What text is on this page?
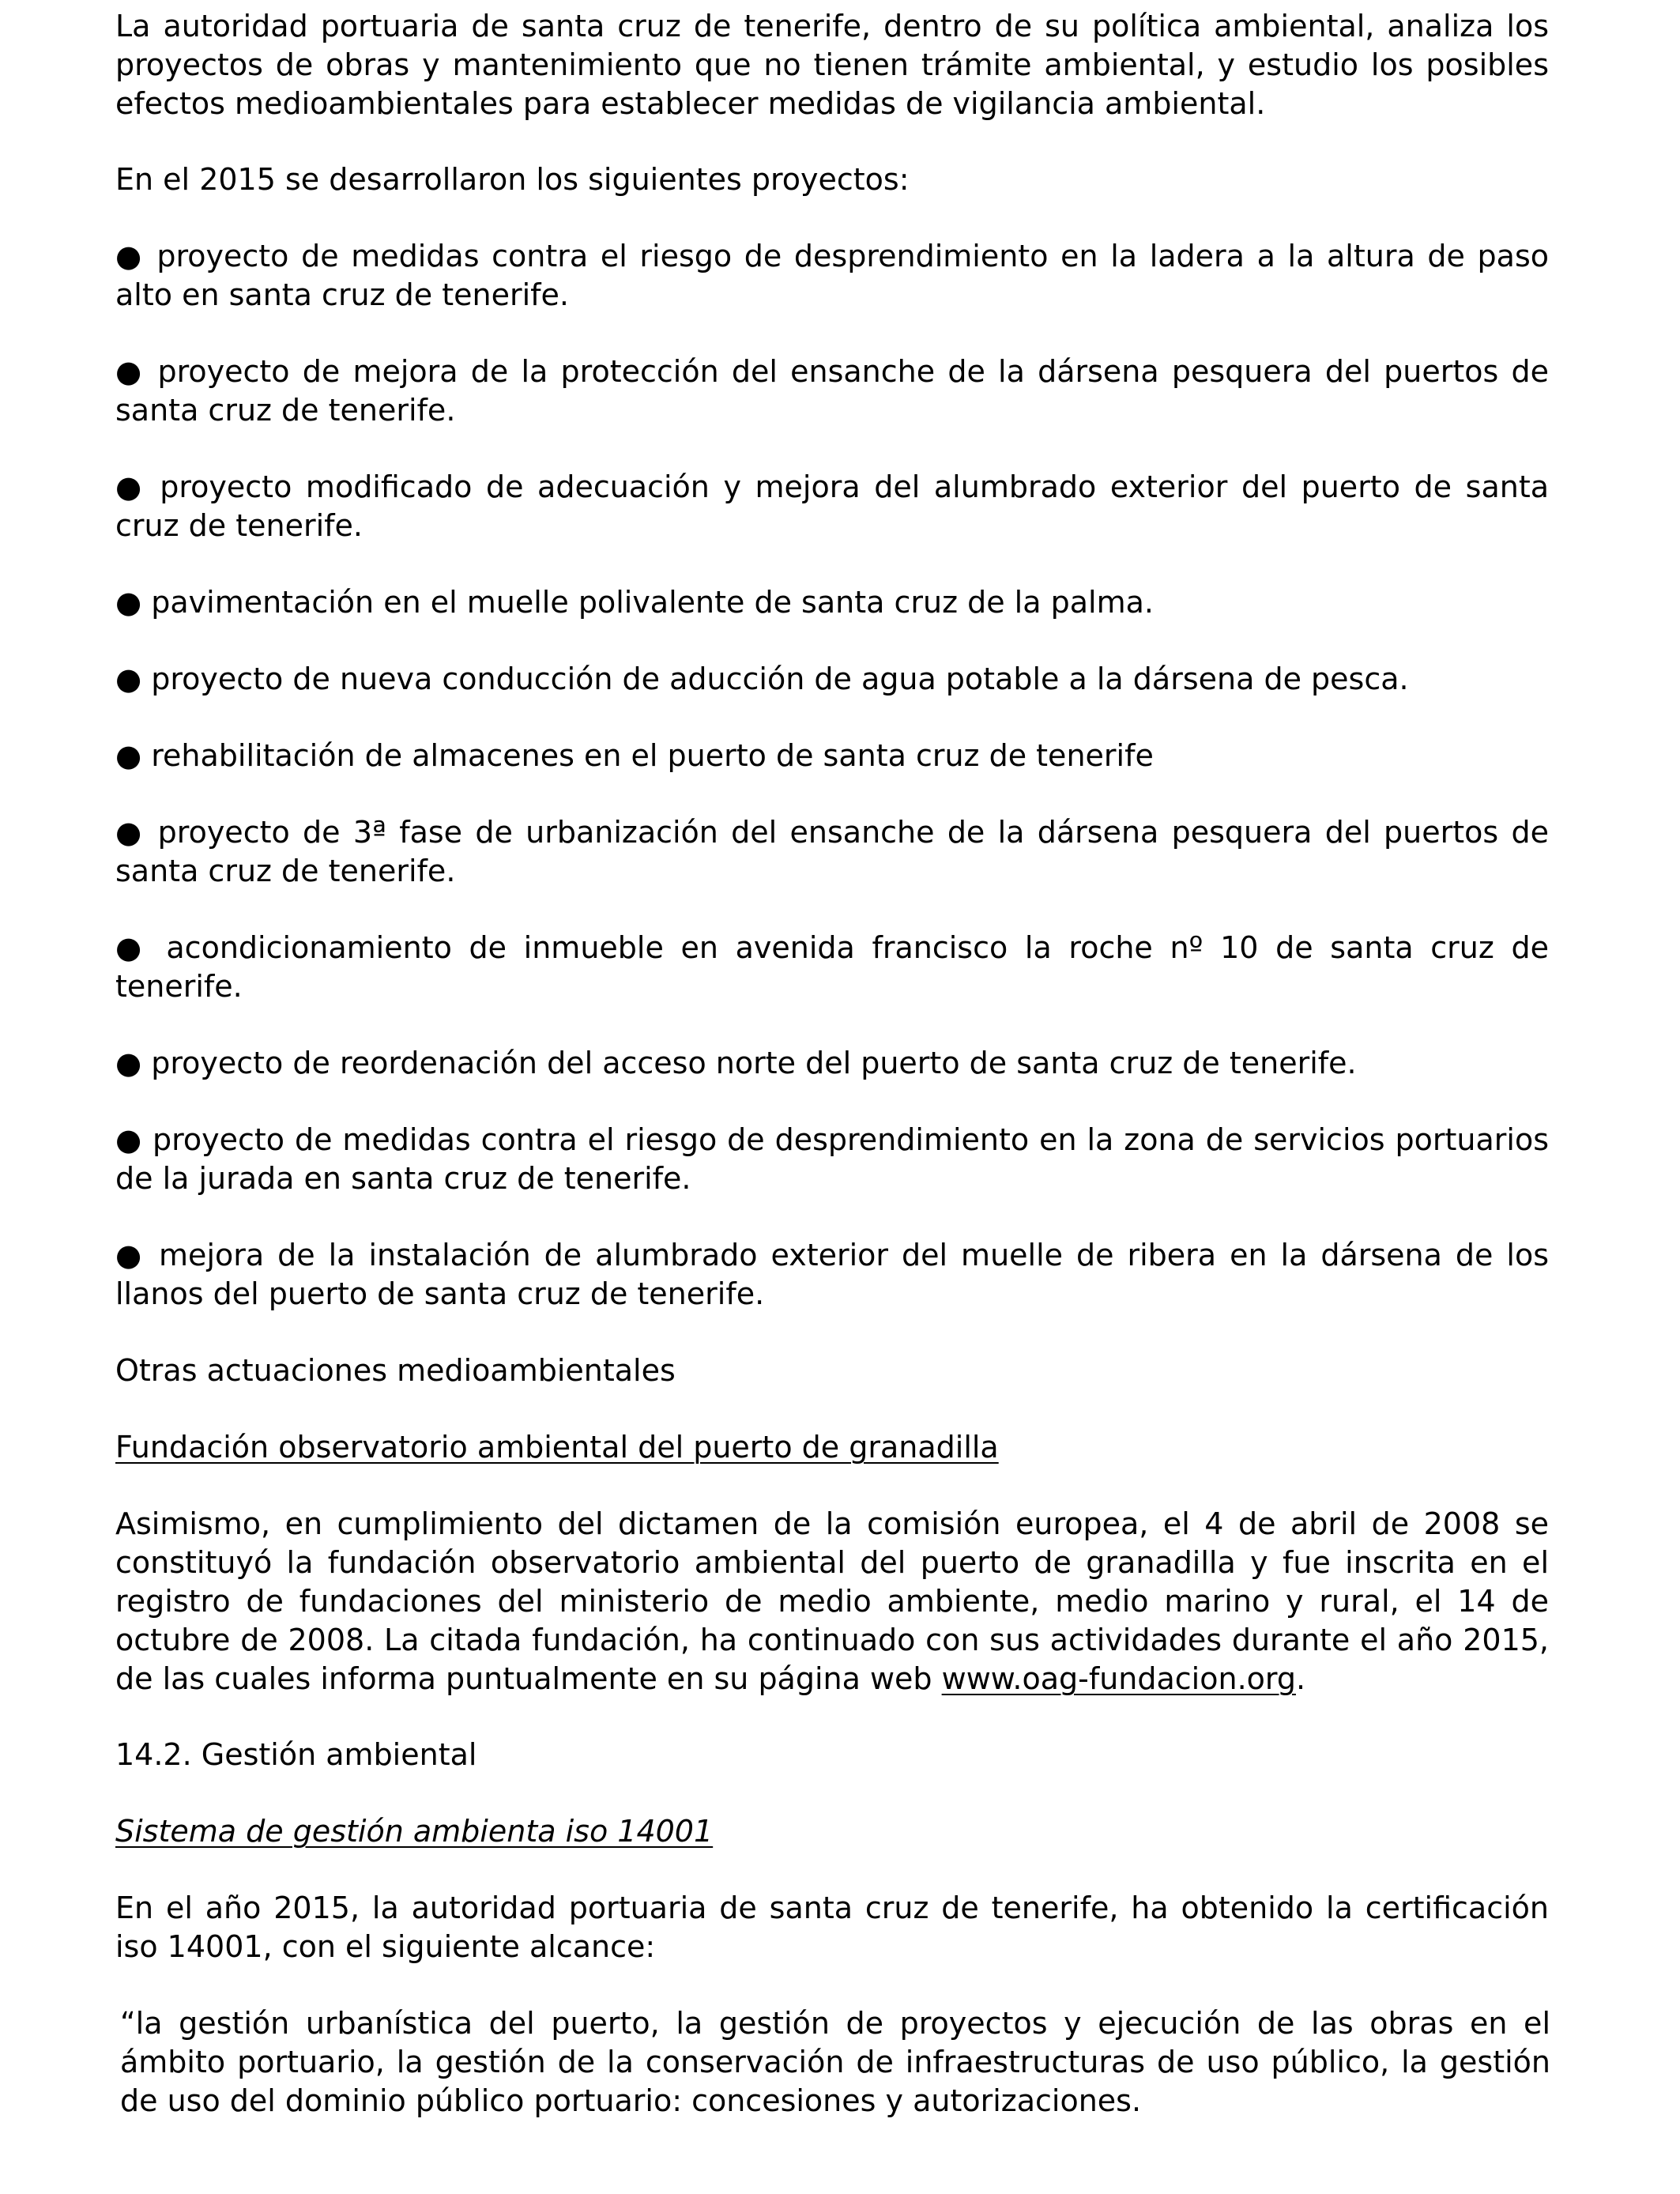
La autoridad portuaria de santa cruz de tenerife, dentro de su política ambiental, analiza los proyectos de obras y mantenimiento que no tienen trámite ambiental, y estudio los posibles efectos medioambientales para establecer medidas de vigilancia ambiental.

En el 2015 se desarrollaron los siguientes proyectos:

● proyecto de medidas contra el riesgo de desprendimiento en la ladera a la altura de paso alto en santa cruz de tenerife.

● proyecto de mejora de la protección del ensanche de la dársena pesquera del puertos de santa cruz de tenerife.

● proyecto modificado de adecuación y mejora del alumbrado exterior del puerto de santa cruz de tenerife.

● pavimentación en el muelle polivalente de santa cruz de la palma.

● proyecto de nueva conducción de aducción de agua potable a la dársena de pesca.

● rehabilitación de almacenes en el puerto de santa cruz de tenerife

● proyecto de 3ª fase de urbanización del ensanche de la dársena pesquera del puertos de santa cruz de tenerife.

● acondicionamiento de inmueble en avenida francisco la roche nº 10 de santa cruz de tenerife.

● proyecto de reordenación del acceso norte del puerto de santa cruz de tenerife.

● proyecto de medidas contra el riesgo de desprendimiento en la zona de servicios portuarios de la jurada en santa cruz de tenerife.

● mejora de la instalación de alumbrado exterior del muelle de ribera en la dársena de los llanos del puerto de santa cruz de tenerife.

Otras actuaciones medioambientales

Fundación observatorio ambiental del puerto de granadilla

Asimismo, en cumplimiento del dictamen de la comisión europea, el 4 de abril de 2008 se constituyó la fundación observatorio ambiental del puerto de granadilla y fue inscrita en el registro de fundaciones del ministerio de medio ambiente, medio marino y rural, el 14 de octubre de 2008. La citada fundación, ha continuado con sus actividades durante el año 2015, de las cuales informa puntualmente en su página web www.oag-fundacion.org.

14.2. Gestión ambiental

Sistema de gestión ambienta iso 14001

En el año 2015, la autoridad portuaria de santa cruz de tenerife, ha obtenido la certificación iso 14001, con el siguiente alcance:

“la gestión urbanística del puerto, la gestión de proyectos y ejecución de las obras en el ámbito portuario, la gestión de la conservación de infraestructuras de uso público, la gestión de uso del dominio público portuario: concesiones y autorizaciones.
